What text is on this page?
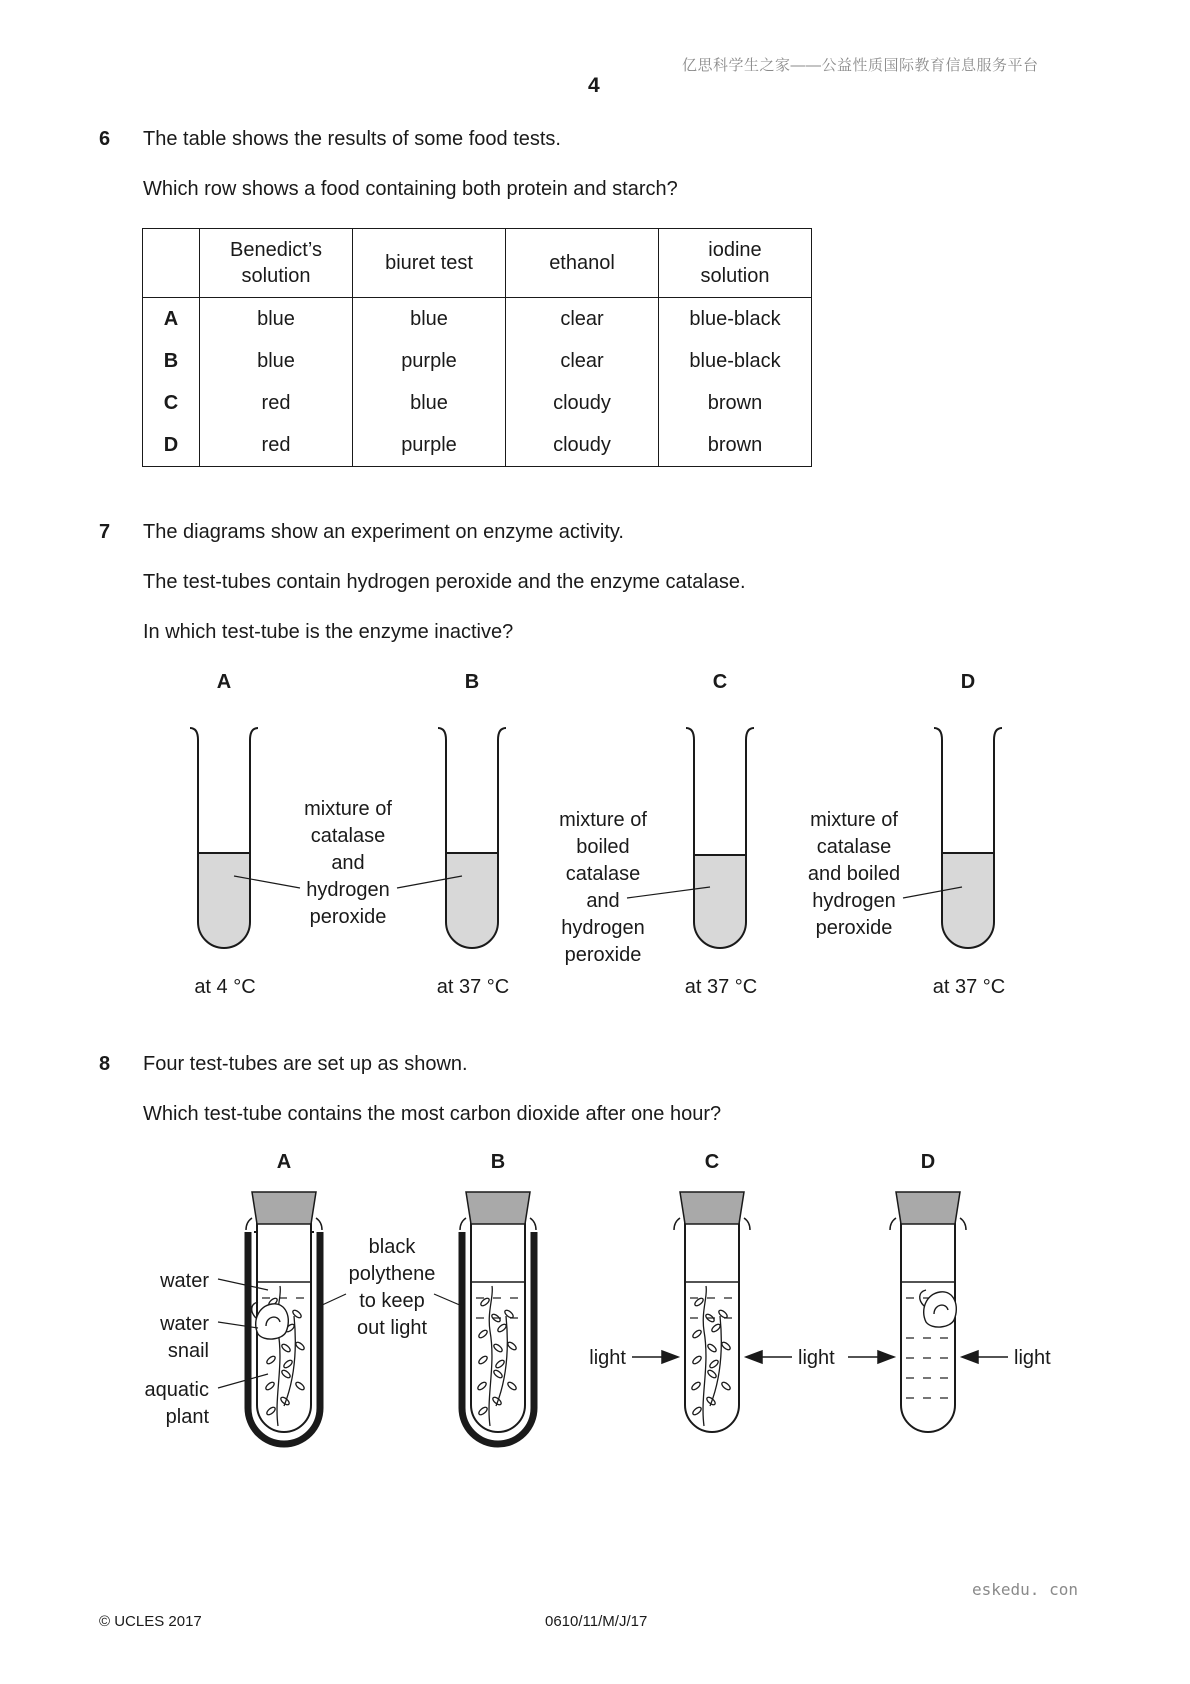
亿思科学生之家——公益性质国际教育信息服务平台
4
6 The table shows the results of some food tests.
Which row shows a food containing both protein and starch?

	Benedict’s solution	biuret test	ethanol	iodine solution

A	blue	blue	clear	blue-black
B	blue	purple	clear	blue-black
C	red	blue	cloudy	brown
D	red	purple	cloudy	brown
7 The diagrams show an experiment on enzyme activity.
The test-tubes contain hydrogen peroxide and the enzyme catalase.
In which test-tube is the enzyme inactive?
A	B	C	D
mixture of
catalase
and
hydrogen
peroxide
mixture of
boiled
catalase
and
hydrogen
peroxide
mixture of
catalase
and boiled
hydrogen
peroxide
at 4 °C	at 37 °C	at 37 °C	at 37 °C
8 Four test-tubes are set up as shown.
Which test-tube contains the most carbon dioxide after one hour?
A	B	C	D
water
water
snail
aquatic
plant
black
polythene
to keep
out light
light	light	light
eskedu. con
© UCLES 2017	0610/11/M/J/17
